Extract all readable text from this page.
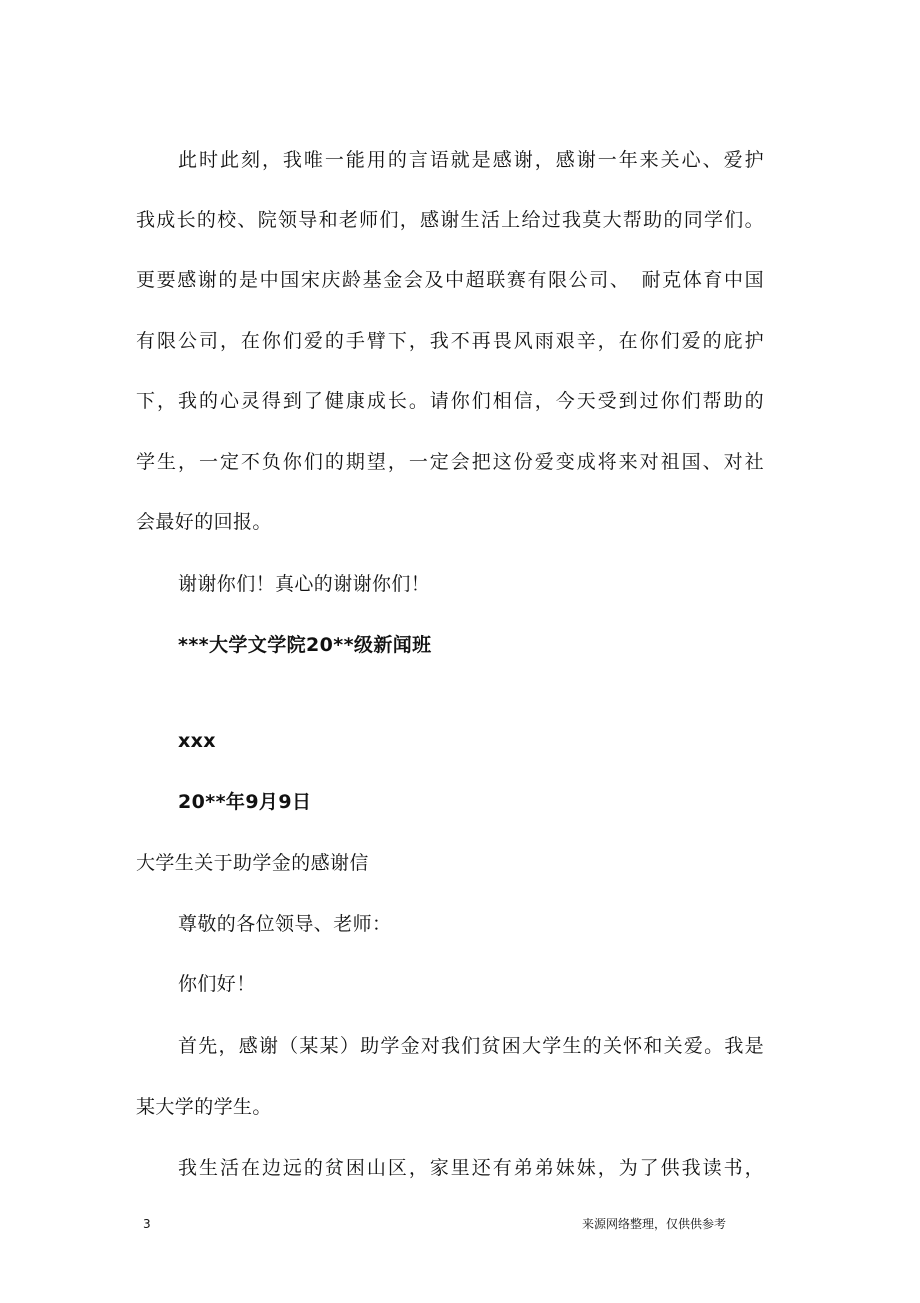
此时此刻，我唯一能用的言语就是感谢，感谢一年来关心、爱护
我成长的校、院领导和老师们，感谢生活上给过我莫大帮助的同学们。
更要感谢的是中国宋庆龄基金会及中超联赛有限公司、　耐克体育中国
有限公司，在你们爱的手臂下，我不再畏风雨艰辛，在你们爱的庇护
下，我的心灵得到了健康成长。请你们相信，今天受到过你们帮助的
学生，一定不负你们的期望，一定会把这份爱变成将来对祖国、对社
会最好的回报。
谢谢你们！真心的谢谢你们！
***大学文学院20**级新闻班
xxx
20**年9月9日
大学生关于助学金的感谢信
尊敬的各位领导、老师：
你们好！
首先，感谢（某某）助学金对我们贫困大学生的关怀和关爱。我是
某大学的学生。
我生活在边远的贫困山区，家里还有弟弟妹妹，为了供我读书，
3	来源网络整理，仅供供参考
